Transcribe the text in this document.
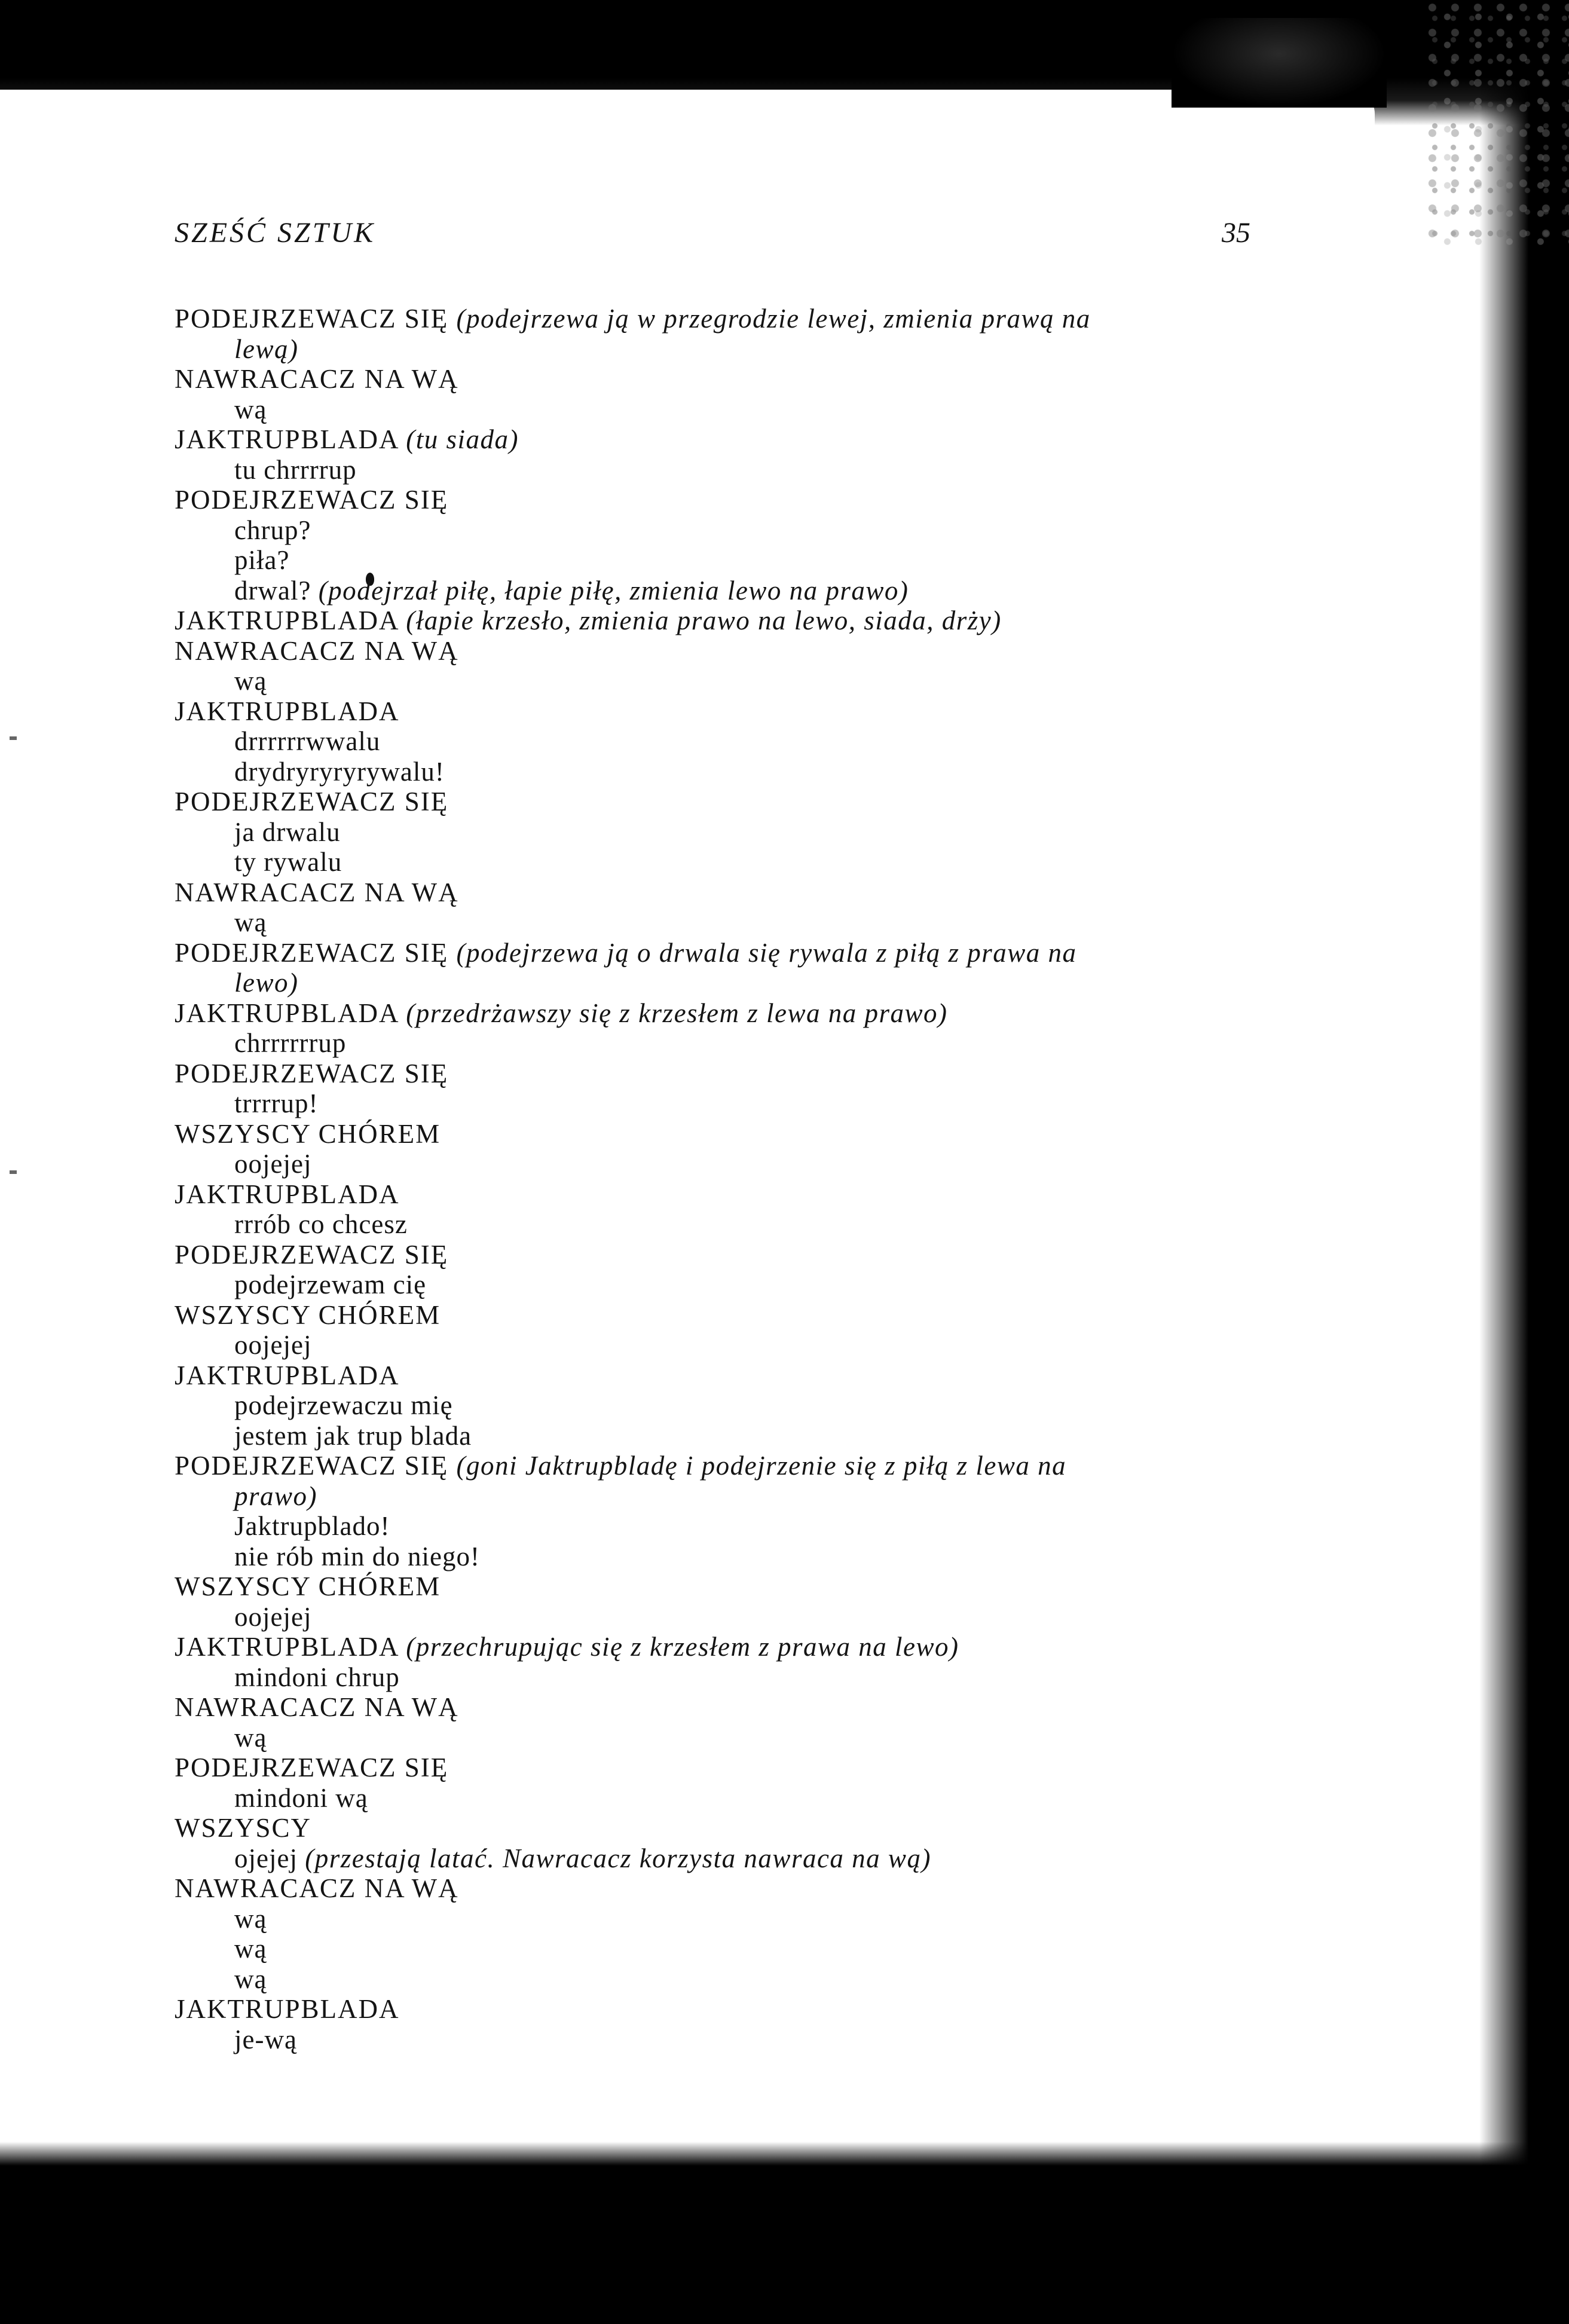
SZEŚĆ SZTUK	35
PODEJRZEWACZ SIĘ (podejrzewa ją w przegrodzie lewej, zmienia prawą na
lewą)
NAWRACACZ NA WĄ
wą
JAKTRUPBLADA (tu siada)
tu chrrrrup
PODEJRZEWACZ SIĘ
chrup?
piła?
drwal? (podejrzał piłę, łapie piłę, zmienia lewo na prawo)
JAKTRUPBLADA (łapie krzesło, zmienia prawo na lewo, siada, drży)
NAWRACACZ NA WĄ
wą
JAKTRUPBLADA
drrrrrrwwalu
drydryryryrywalu!
PODEJRZEWACZ SIĘ
ja drwalu
ty rywalu
NAWRACACZ NA WĄ
wą
PODEJRZEWACZ SIĘ (podejrzewa ją o drwala się rywala z piłą z prawa na
lewo)
JAKTRUPBLADA (przedrżawszy się z krzesłem z lewa na prawo)
chrrrrrrup
PODEJRZEWACZ SIĘ
trrrrup!
WSZYSCY CHÓREM
oojejej
JAKTRUPBLADA
rrrób co chcesz
PODEJRZEWACZ SIĘ
podejrzewam cię
WSZYSCY CHÓREM
oojejej
JAKTRUPBLADA
podejrzewaczu mię
jestem jak trup blada
PODEJRZEWACZ SIĘ (goni Jaktrupbladę i podejrzenie się z piłą z lewa na
prawo)
Jaktrupblado!
nie rób min do niego!
WSZYSCY CHÓREM
oojejej
JAKTRUPBLADA (przechrupując się z krzesłem z prawa na lewo)
mindoni chrup
NAWRACACZ NA WĄ
wą
PODEJRZEWACZ SIĘ
mindoni wą
WSZYSCY
ojejej (przestają latać. Nawracacz korzysta nawraca na wą)
NAWRACACZ NA WĄ
wą
wą
wą
JAKTRUPBLADA
je-wą
